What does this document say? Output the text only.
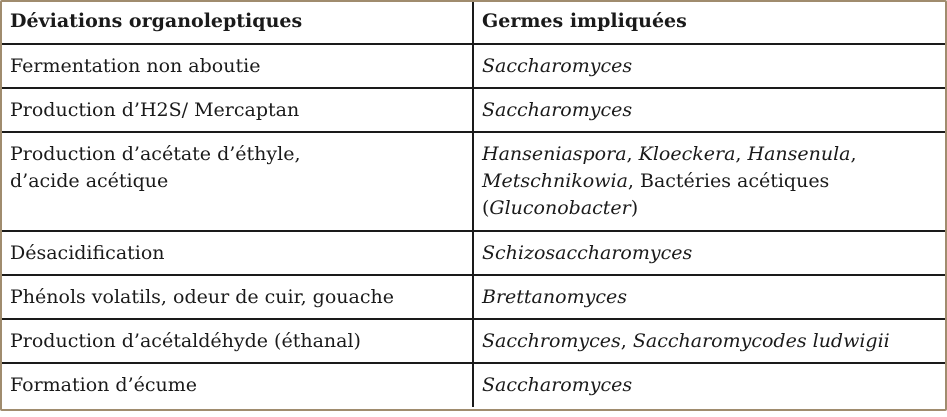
Déviations organoleptiques	Germes impliquées
Fermentation non aboutie	Saccharomyces
Production d’H2S/ Mercaptan	Saccharomyces
Production d’acétate d’éthyle,
d’acide acétique	Hanseniaspora, Kloeckera, Hansenula, Metschnikowia, Bactéries acétiques (Gluconobacter)
Désacidification	Schizosaccharomyces
Phénols volatils, odeur de cuir, gouache	Brettanomyces
Production d’acétaldéhyde (éthanal)	Sacchromyces, Saccharomycodes ludwigii
Formation d’écume	Saccharomyces
